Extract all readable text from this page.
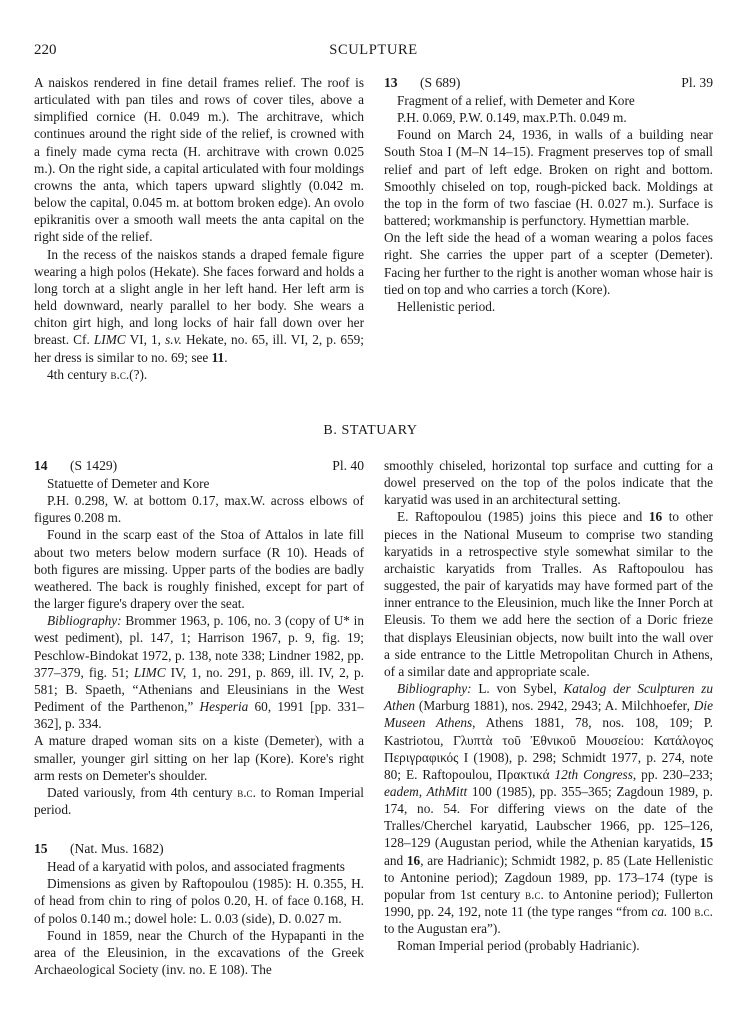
220	SCULPTURE

A naiskos rendered in fine detail frames relief. The roof is articulated with pan tiles and rows of cover tiles, above a simplified cornice (H. 0.049 m.). The architrave, which continues around the right side of the relief, is crowned with a finely made cyma recta (H. architrave with crown 0.025 m.). On the right side, a capital articulated with four moldings crowns the anta, which tapers upward slightly (0.042 m. below the capital, 0.045 m. at bottom broken edge). An ovolo epikranitis over a smooth wall meets the anta capital on the right side of the relief.

In the recess of the naiskos stands a draped female figure wearing a high polos (Hekate). She faces forward and holds a long torch at a slight angle in her left hand. Her left arm is held downward, nearly parallel to her body. She wears a chiton girt high, and long locks of hair fall down over her breast. Cf. LIMC VI, 1, s.v. Hekate, no. 65, ill. VI, 2, p. 659; her dress is similar to no. 69; see 11.

4th century b.c.(?).

13 (S 689)	Pl. 39

Fragment of a relief, with Demeter and Kore

P.H. 0.069, P.W. 0.149, max.P.Th. 0.049 m.

Found on March 24, 1936, in walls of a building near South Stoa I (M–N 14–15). Fragment preserves top of small relief and part of left edge. Broken on right and bottom. Smoothly chiseled on top, rough-picked back. Moldings at the top in the form of two fasciae (H. 0.027 m.). Surface is battered; workmanship is perfunctory. Hymettian marble.

On the left side the head of a woman wearing a polos faces right. She carries the upper part of a scepter (Demeter). Facing her further to the right is another woman whose hair is tied on top and who carries a torch (Kore).

Hellenistic period.

B. STATUARY
14 (S 1429)	Pl. 40

Statuette of Demeter and Kore

P.H. 0.298, W. at bottom 0.17, max.W. across elbows of figures 0.208 m.

Found in the scarp east of the Stoa of Attalos in late fill about two meters below modern surface (R 10). Heads of both figures are missing. Upper parts of the bodies are badly weathered. The back is roughly finished, except for part of the larger figure's drapery over the seat.

Bibliography: Brommer 1963, p. 106, no. 3 (copy of U* in west pediment), pl. 147, 1; Harrison 1967, p. 9, fig. 19; Peschlow-Bindokat 1972, p. 138, note 338; Lindner 1982, pp. 377–379, fig. 51; LIMC IV, 1, no. 291, p. 869, ill. IV, 2, p. 581; B. Spaeth, “Athenians and Eleusinians in the West Pediment of the Parthenon,” Hesperia 60, 1991 [pp. 331–362], p. 334.

A mature draped woman sits on a kiste (Demeter), with a smaller, younger girl sitting on her lap (Kore). Kore's right arm rests on Demeter's shoulder.

Dated variously, from 4th century b.c. to Roman Imperial period.

15 (Nat. Mus. 1682)

Head of a karyatid with polos, and associated fragments

Dimensions as given by Raftopoulou (1985): H. 0.355, H. of head from chin to ring of polos 0.20, H. of face 0.168, H. of polos 0.140 m.; dowel hole: L. 0.03 (side), D. 0.027 m.

Found in 1859, near the Church of the Hypapanti in the area of the Eleusinion, in the excavations of the Greek Archaeological Society (inv. no. E 108). The

smoothly chiseled, horizontal top surface and cutting for a dowel preserved on the top of the polos indicate that the karyatid was used in an architectural setting.

E. Raftopoulou (1985) joins this piece and 16 to other pieces in the National Museum to comprise two standing karyatids in a retrospective style somewhat similar to the archaistic karyatids from Tralles. As Raftopoulou has suggested, the pair of karyatids may have formed part of the inner entrance to the Eleusinion, much like the Inner Porch at Eleusis. To them we add here the section of a Doric frieze that displays Eleusinian objects, now built into the wall over a side entrance to the Little Metropolitan Church in Athens, of a similar date and appropriate scale.

Bibliography: L. von Sybel, Katalog der Sculpturen zu Athen (Marburg 1881), nos. 2942, 2943; A. Milchhoefer, Die Museen Athens, Athens 1881, 78, nos. 108, 109; P. Kastriotou, Γλυπτὰ τοῦ Ἐθνικοῦ Μουσείου: Κατάλογος Περιγραφικός Ι (1908), p. 298; Schmidt 1977, p. 274, note 80; E. Raftopoulou, Πρακτικά 12th Congress, pp. 230–233; eadem, AthMitt 100 (1985), pp. 355–365; Zagdoun 1989, p. 174, no. 54. For differing views on the date of the Tralles/Cherchel karyatid, Laubscher 1966, pp. 125–126, 128–129 (Augustan period, while the Athenian karyatids, 15 and 16, are Hadrianic); Schmidt 1982, p. 85 (Late Hellenistic to Antonine period); Zagdoun 1989, pp. 173–174 (type is popular from 1st century b.c. to Antonine period); Fullerton 1990, pp. 24, 192, note 11 (the type ranges “from ca. 100 b.c. to the Augustan era”).

Roman Imperial period (probably Hadrianic).
